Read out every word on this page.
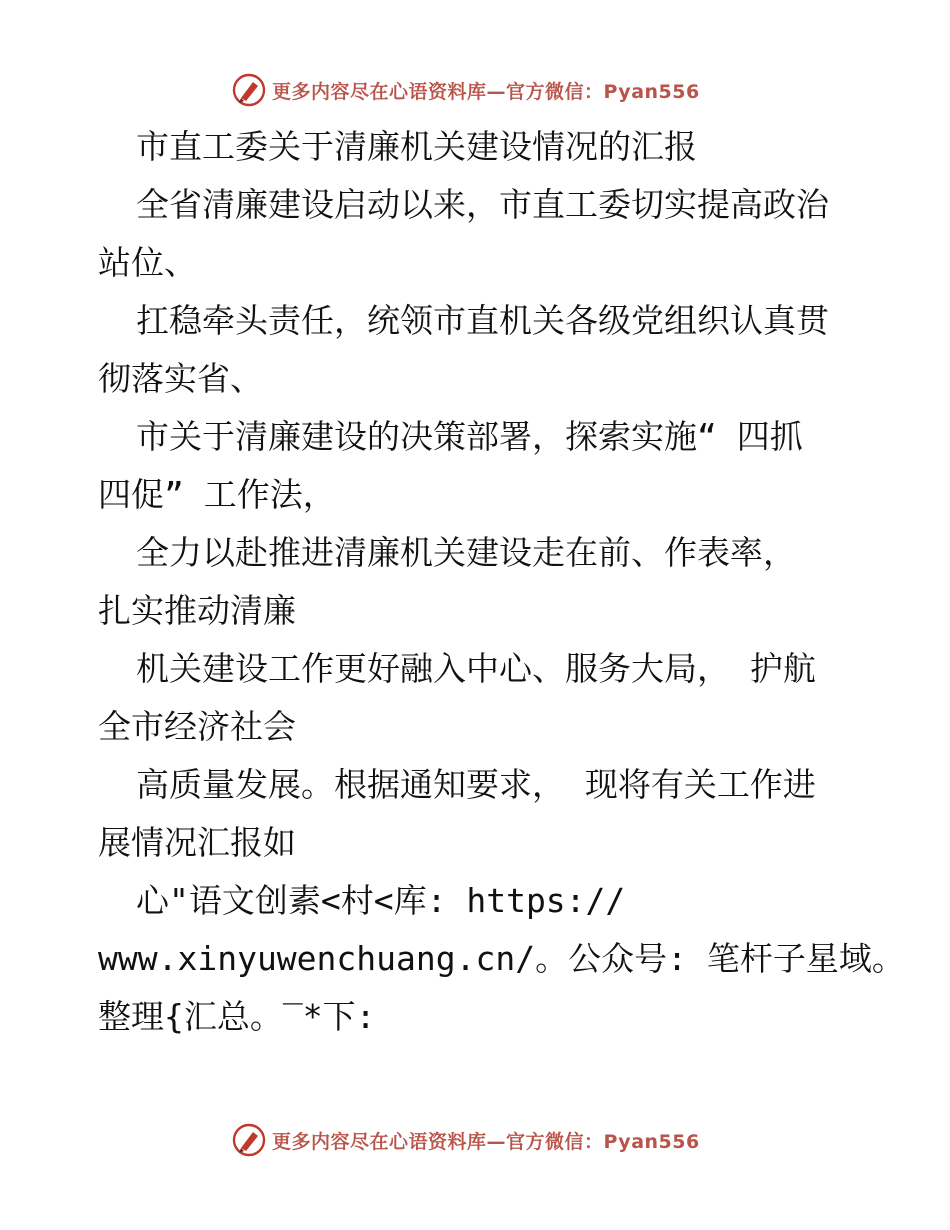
更多内容尽在心语资料库—官方微信：Pyan556
市直工委关于清廉机关建设情况的汇报
全省清廉建设启动以来，市直工委切实提高政治
站位、
扛稳牵头责任，统领市直机关各级党组织认真贯
彻落实省、
市关于清廉建设的决策部署，探索实施“ 四抓
四促” 工作法，
全力以赴推进清廉机关建设走在前、作表率，
扎实推动清廉
机关建设工作更好融入中心、服务大局， 护航
全市经济社会
高质量发展。根据通知要求， 现将有关工作进
展情况汇报如
心"语文创素<村<库: https://
www.xinyuwenchuang.cn/。公众号: 笔杆子星域。
整理{汇总。‾*下:
更多内容尽在心语资料库—官方微信：Pyan556
